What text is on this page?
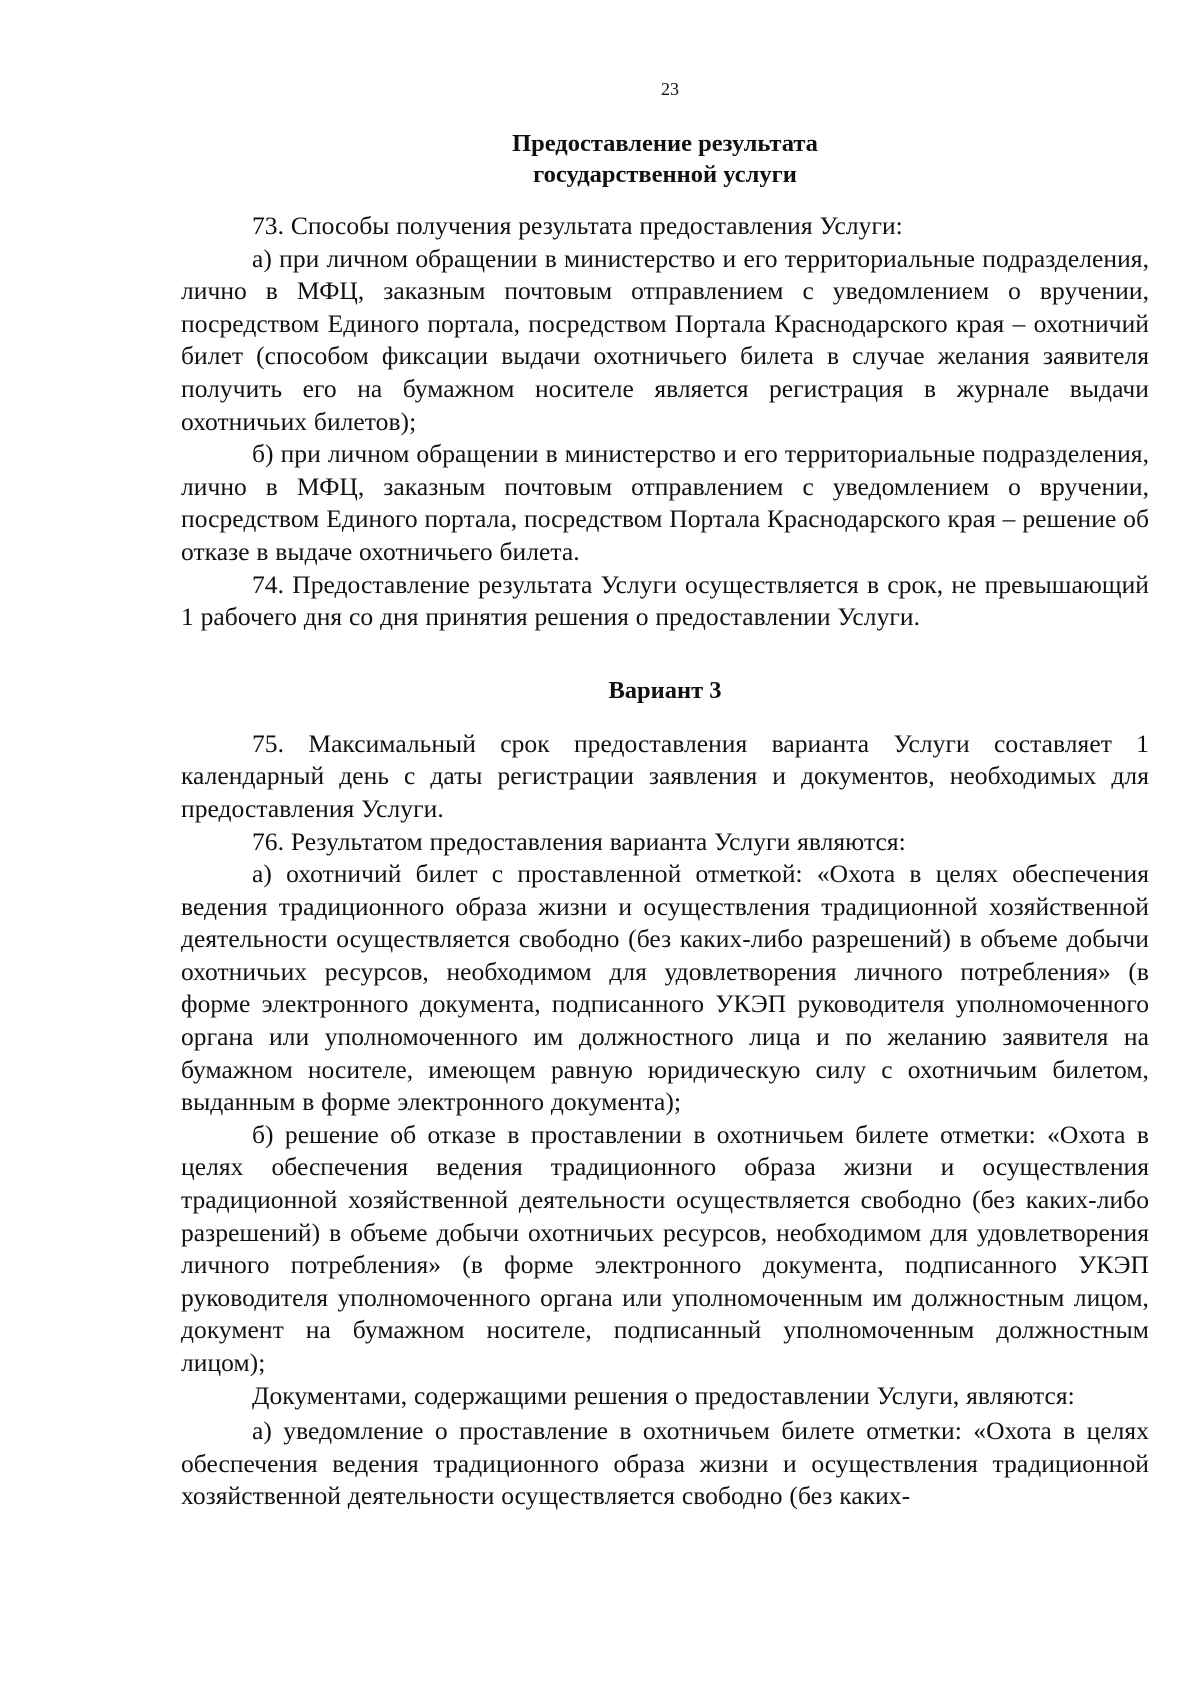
23
Предоставление результата
государственной услуги

73. Способы получения результата предоставления Услуги:

а) при личном обращении в министерство и его территориальные подразделения, лично в МФЦ, заказным почтовым отправлением с уведомлением о вручении, посредством Единого портала, посредством Портала Краснодарского края – охотничий билет (способом фиксации выдачи охотничьего билета в случае желания заявителя получить его на бумажном носителе является регистрация в журнале выдачи охотничьих билетов);

б) при личном обращении в министерство и его территориальные подразделения, лично в МФЦ, заказным почтовым отправлением с уведомлением о вручении, посредством Единого портала, посредством Портала Краснодарского края – решение об отказе в выдаче охотничьего билета.

74. Предоставление результата Услуги осуществляется в срок, не превышающий 1 рабочего дня со дня принятия решения о предоставлении Услуги.

Вариант 3

75. Максимальный срок предоставления варианта Услуги составляет 1 календарный день с даты регистрации заявления и документов, необходимых для предоставления Услуги.

76. Результатом предоставления варианта Услуги являются:

а) охотничий билет с проставленной отметкой: «Охота в целях обеспечения ведения традиционного образа жизни и осуществления традиционной хозяйственной деятельности осуществляется свободно (без каких-либо разрешений) в объеме добычи охотничьих ресурсов, необходимом для удовлетворения личного потребления» (в форме электронного документа, подписанного УКЭП руководителя уполномоченного органа или уполномоченного им должностного лица и по желанию заявителя на бумажном носителе, имеющем равную юридическую силу с охотничьим билетом, выданным в форме электронного документа);

б) решение об отказе в проставлении в охотничьем билете отметки: «Охота в целях обеспечения ведения традиционного образа жизни и осуществления традиционной хозяйственной деятельности осуществляется свободно (без каких-либо разрешений) в объеме добычи охотничьих ресурсов, необходимом для удовлетворения личного потребления» (в форме электронного документа, подписанного УКЭП руководителя уполномоченного органа или уполномоченным им должностным лицом, документ на бумажном носителе, подписанный уполномоченным должностным лицом);

Документами, содержащими решения о предоставлении Услуги, являются:

а) уведомление о проставление в охотничьем билете отметки: «Охота в целях обеспечения ведения традиционного образа жизни и осуществления традиционной хозяйственной деятельности осуществляется свободно (без каких-
